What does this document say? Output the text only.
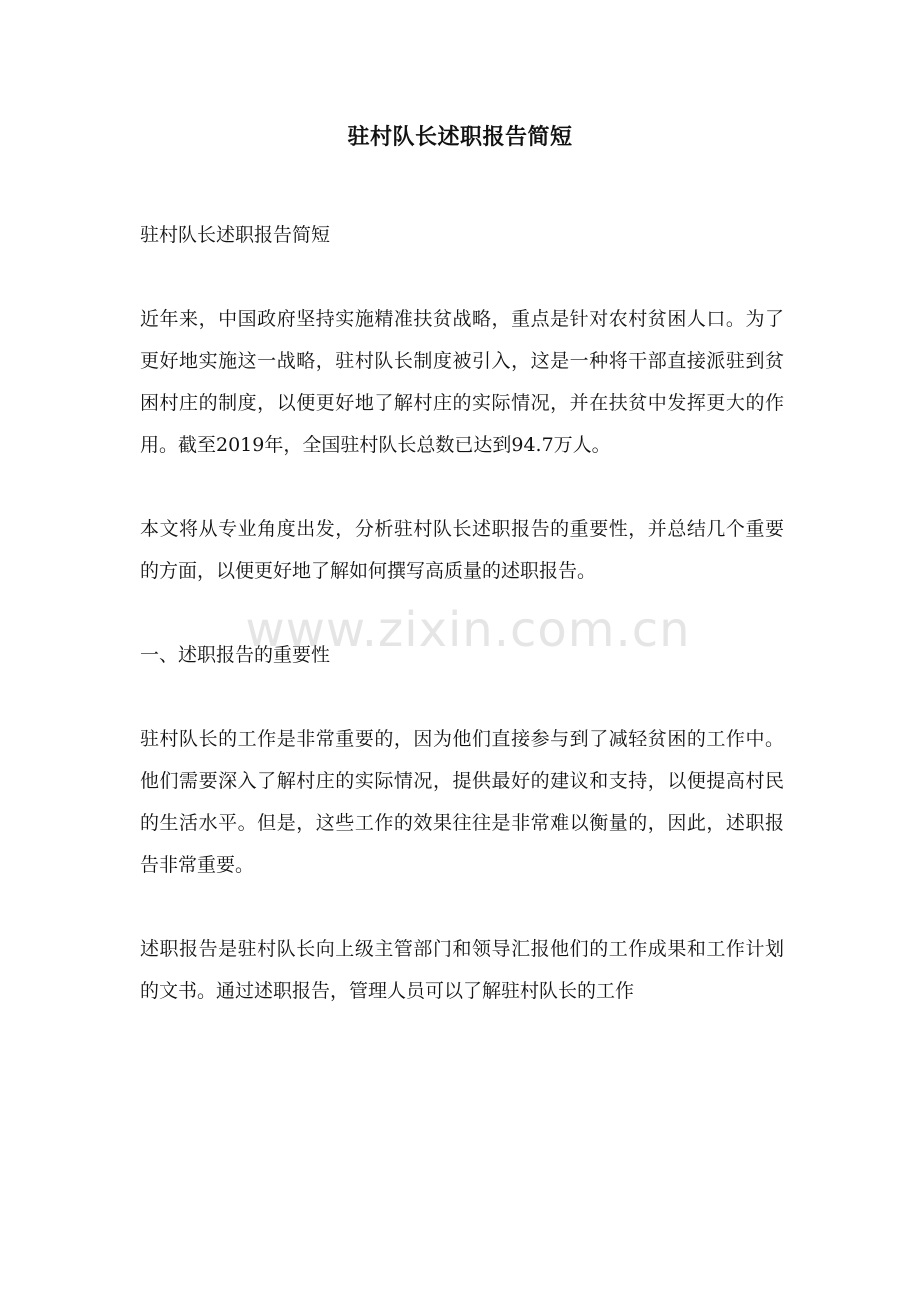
驻村队长述职报告简短

驻村队长述职报告简短

近年来，中国政府坚持实施精准扶贫战略，重点是针对农村贫困人口。为了更好地实施这一战略，驻村队长制度被引入，这是一种将干部直接派驻到贫困村庄的制度，以便更好地了解村庄的实际情况，并在扶贫中发挥更大的作用。截至2019年，全国驻村队长总数已达到94.7万人。

本文将从专业角度出发，分析驻村队长述职报告的重要性，并总结几个重要的方面，以便更好地了解如何撰写高质量的述职报告。

一、述职报告的重要性

驻村队长的工作是非常重要的，因为他们直接参与到了减轻贫困的工作中。他们需要深入了解村庄的实际情况，提供最好的建议和支持，以便提高村民的生活水平。但是，这些工作的效果往往是非常难以衡量的，因此，述职报告非常重要。

述职报告是驻村队长向上级主管部门和领导汇报他们的工作成果和工作计划的文书。通过述职报告，管理人员可以了解驻村队长的工作

www.zixin.com.cn
